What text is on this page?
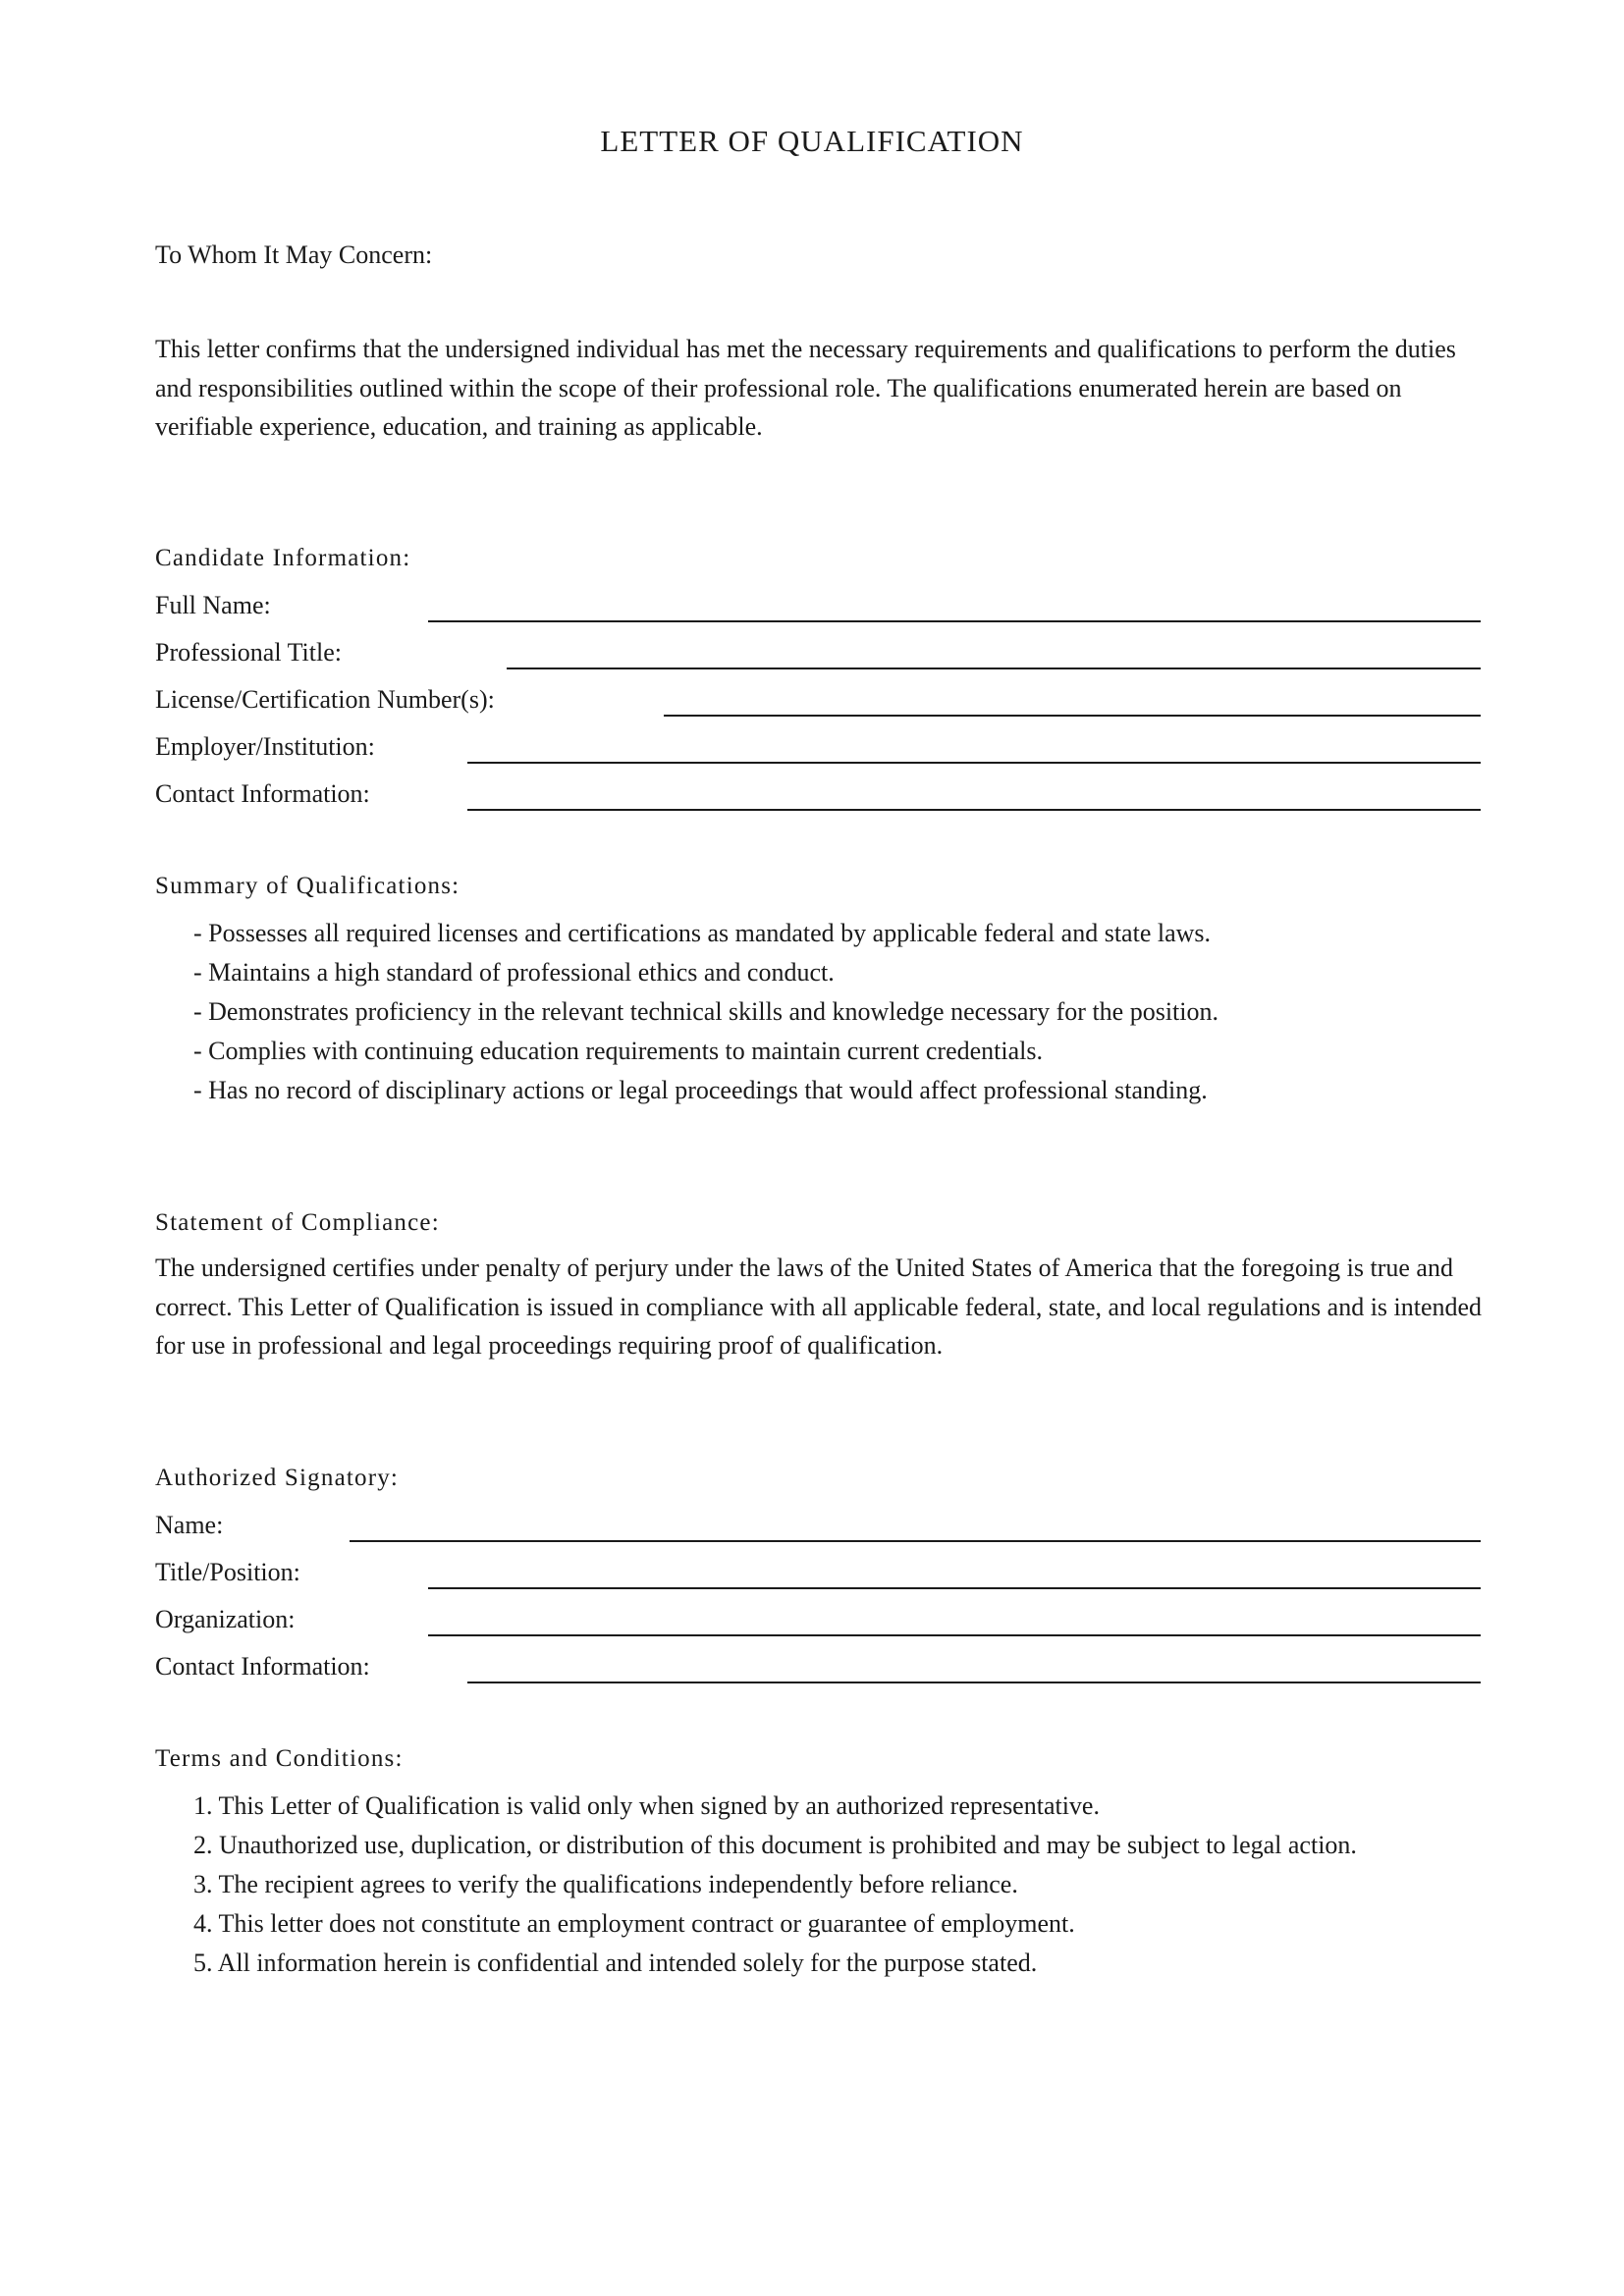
LETTER OF QUALIFICATION
To Whom It May Concern:
This letter confirms that the undersigned individual has met the necessary requirements and qualifications to perform the duties and responsibilities outlined within the scope of their professional role. The qualifications enumerated herein are based on verifiable experience, education, and training as applicable.
Candidate Information:
Full Name:
Professional Title:
License/Certification Number(s):
Employer/Institution:
Contact Information:
Summary of Qualifications:
- Possesses all required licenses and certifications as mandated by applicable federal and state laws.
- Maintains a high standard of professional ethics and conduct.
- Demonstrates proficiency in the relevant technical skills and knowledge necessary for the position.
- Complies with continuing education requirements to maintain current credentials.
- Has no record of disciplinary actions or legal proceedings that would affect professional standing.
Statement of Compliance:
The undersigned certifies under penalty of perjury under the laws of the United States of America that the foregoing is true and correct. This Letter of Qualification is issued in compliance with all applicable federal, state, and local regulations and is intended for use in professional and legal proceedings requiring proof of qualification.
Authorized Signatory:
Name:
Title/Position:
Organization:
Contact Information:
Terms and Conditions:
1. This Letter of Qualification is valid only when signed by an authorized representative.
2. Unauthorized use, duplication, or distribution of this document is prohibited and may be subject to legal action.
3. The recipient agrees to verify the qualifications independently before reliance.
4. This letter does not constitute an employment contract or guarantee of employment.
5. All information herein is confidential and intended solely for the purpose stated.
